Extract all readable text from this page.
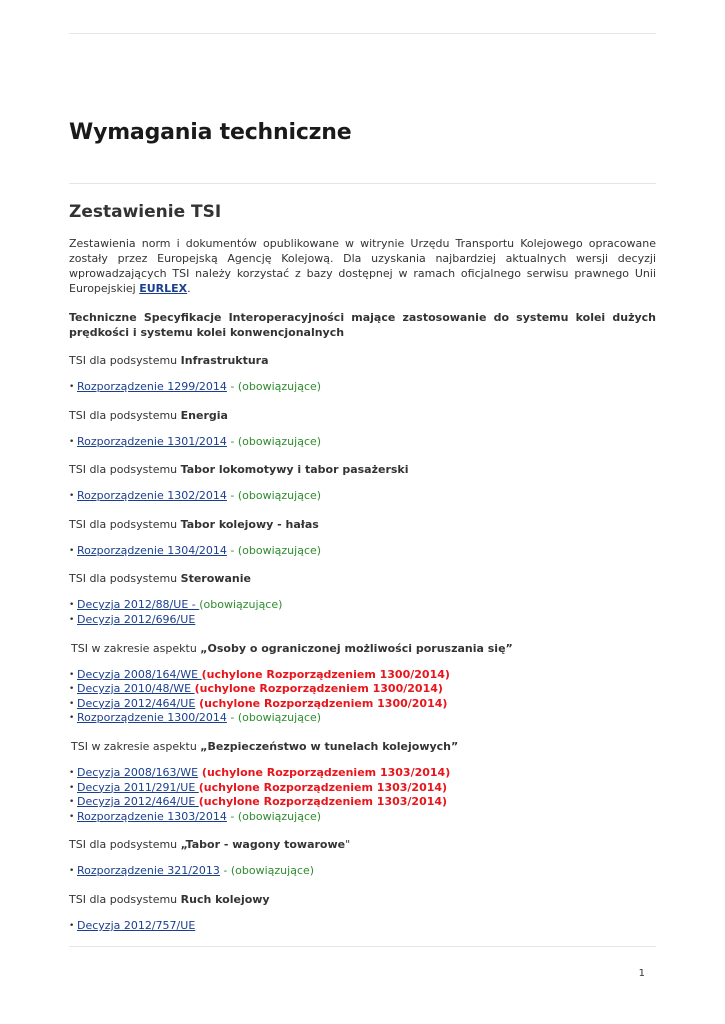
Wymagania techniczne
Zestawienie TSI

Zestawienia norm i dokumentów opublikowane w witrynie Urzędu Transportu Kolejowego opracowane zostały przez Europejską Agencję Kolejową. Dla uzyskania najbardziej aktualnych wersji decyzji wprowadzających TSI należy korzystać z bazy dostępnej w ramach oficjalnego serwisu prawnego Unii Europejskiej EURLEX.

Techniczne Specyfikacje Interoperacyjności mające zastosowanie do systemu kolei dużych prędkości i systemu kolei konwencjonalnych

TSI dla podsystemu Infrastruktura

• Rozporządzenie 1299/2014 - (obowiązujące)

TSI dla podsystemu Energia

• Rozporządzenie 1301/2014 - (obowiązujące)

TSI dla podsystemu Tabor lokomotywy i tabor pasażerski

• Rozporządzenie 1302/2014 - (obowiązujące)

TSI dla podsystemu Tabor kolejowy - hałas

• Rozporządzenie 1304/2014 - (obowiązujące)

TSI dla podsystemu Sterowanie

• Decyzja 2012/88/UE - (obowiązujące)
• Decyzja 2012/696/UE

TSI w zakresie aspektu „Osoby o ograniczonej możliwości poruszania się”

• Decyzja 2008/164/WE (uchylone Rozporządzeniem 1300/2014)
• Decyzja 2010/48/WE (uchylone Rozporządzeniem 1300/2014)
• Decyzja 2012/464/UE (uchylone Rozporządzeniem 1300/2014)
• Rozporządzenie 1300/2014 - (obowiązujące)

TSI w zakresie aspektu „Bezpieczeństwo w tunelach kolejowych”

• Decyzja 2008/163/WE (uchylone Rozporządzeniem 1303/2014)
• Decyzja 2011/291/UE (uchylone Rozporządzeniem 1303/2014)
• Decyzja 2012/464/UE (uchylone Rozporządzeniem 1303/2014)
• Rozporządzenie 1303/2014 - (obowiązujące)

TSI dla podsystemu „Tabor - wagony towarowe"

• Rozporządzenie 321/2013 - (obowiązujące)

TSI dla podsystemu Ruch kolejowy

• Decyzja 2012/757/UE
1
